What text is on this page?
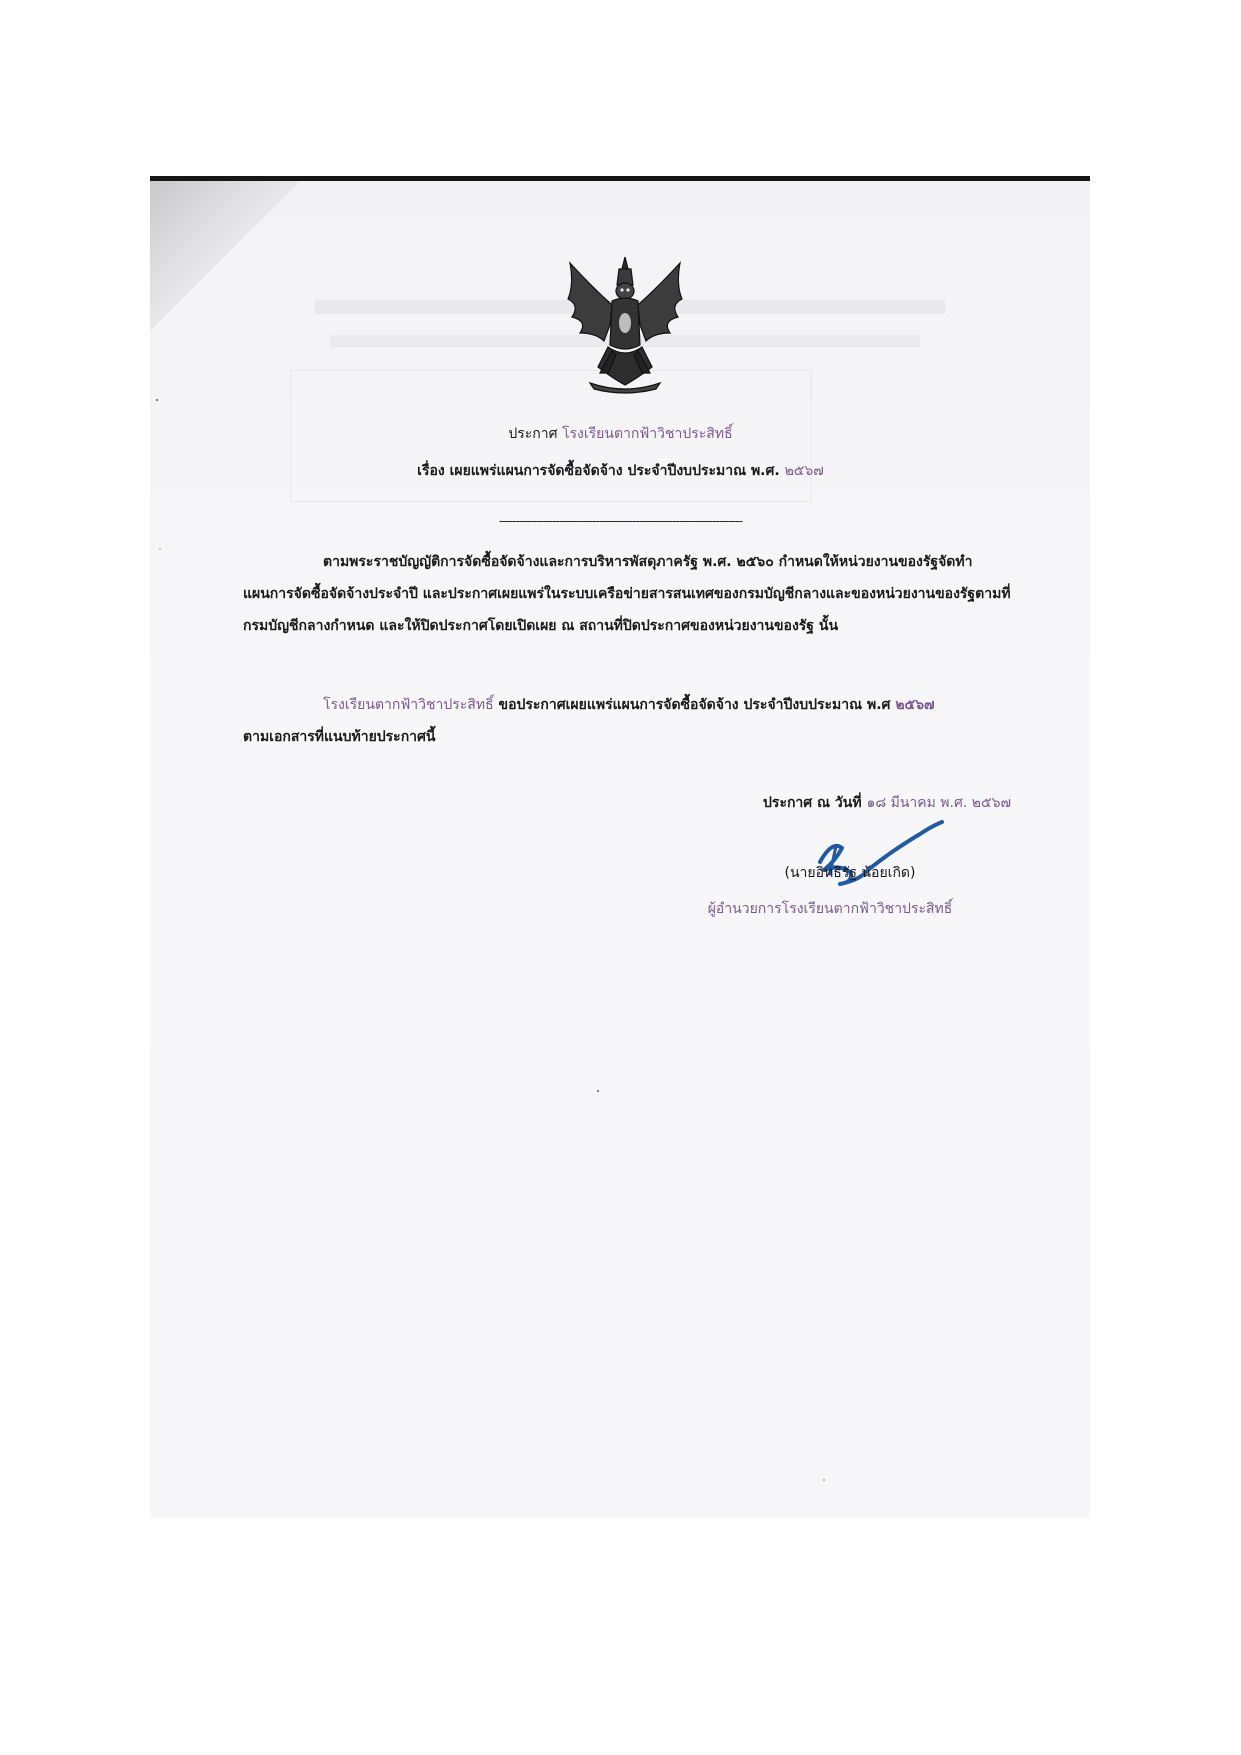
ประกาศ โรงเรียนตากฟ้าวิชาประสิทธิ์
เรื่อง เผยแพร่แผนการจัดซื้อจัดจ้าง ประจำปีงบประมาณ พ.ศ. ๒๕๖๗
-------------------------------------------------------------------------
ตามพระราชบัญญัติการจัดซื้อจัดจ้างและการบริหารพัสดุภาครัฐ พ.ศ. ๒๕๖๐ กำหนดให้หน่วยงานของรัฐจัดทำแผนการจัดซื้อจัดจ้างประจำปี และประกาศเผยแพร่ในระบบเครือข่ายสารสนเทศของกรมบัญชีกลางและของหน่วยงานของรัฐตามที่กรมบัญชีกลางกำหนด และให้ปิดประกาศโดยเปิดเผย ณ สถานที่ปิดประกาศของหน่วยงานของรัฐ นั้น
โรงเรียนตากฟ้าวิชาประสิทธิ์ ขอประกาศเผยแพร่แผนการจัดซื้อจัดจ้าง ประจำปีงบประมาณ พ.ศ ๒๕๖๗
ตามเอกสารที่แนบท้ายประกาศนี้
ประกาศ ณ วันที่ ๑๘ มีนาคม พ.ศ. ๒๕๖๗
(นายอิทธิรัฐ น้อยเกิด)
ผู้อำนวยการโรงเรียนตากฟ้าวิชาประสิทธิ์
